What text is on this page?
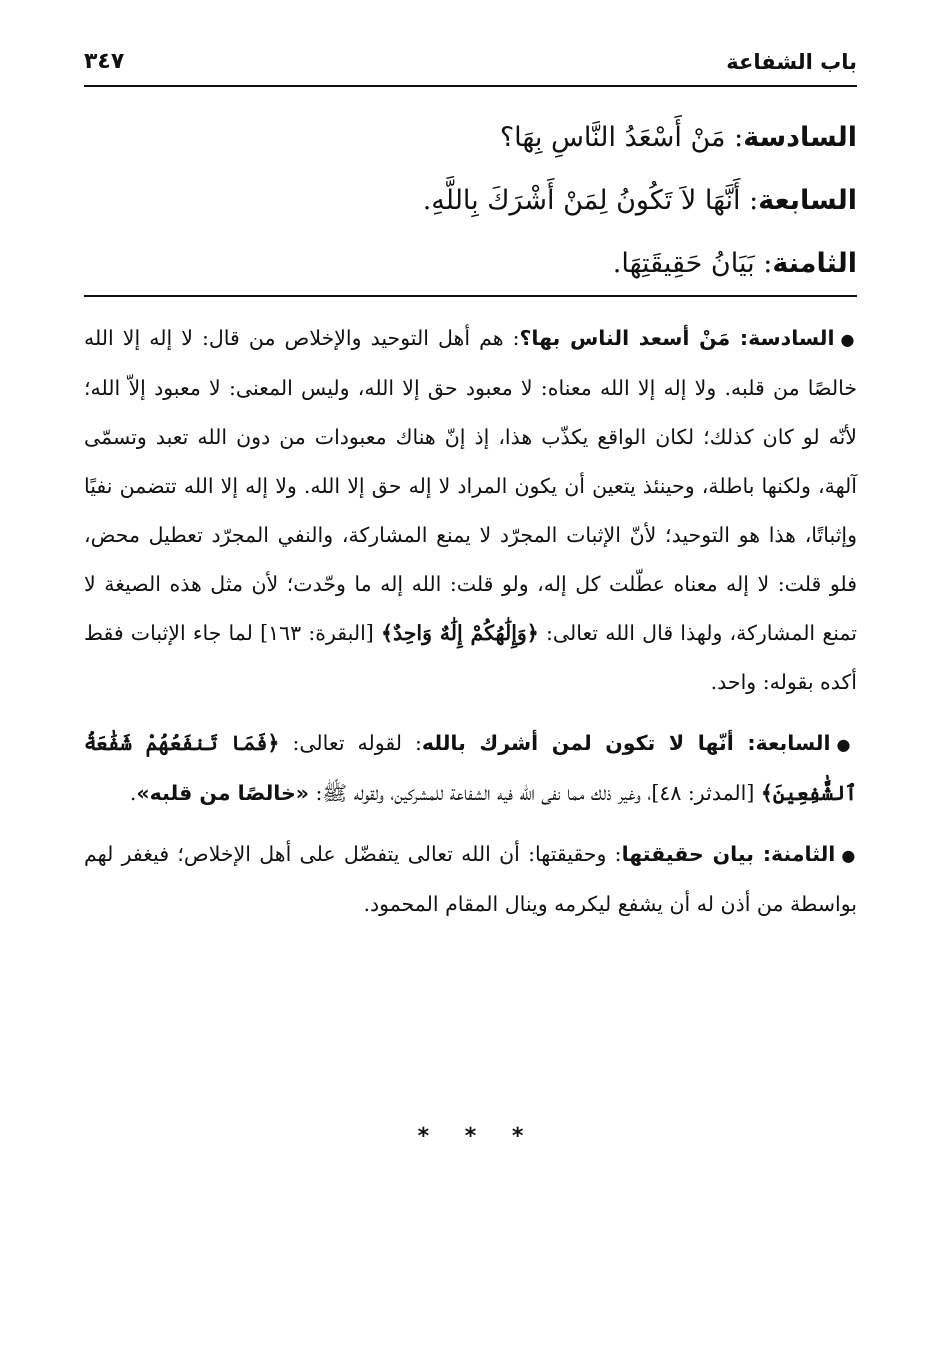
باب الشفاعة
٣٤٧
السادسة: مَنْ أَسْعَدُ النَّاسِ بِهَا؟
السابعة: أَنَّهَا لاَ تَكُونُ لِمَنْ أَشْرَكَ بِاللَّهِ.
الثامنة: بَيَانُ حَقِيقَتِهَا.

●السادسة: مَنْ أسعد الناس بها؟: هم أهل التوحيد والإخلاص من قال: لا إله إلا الله خالصًا من قلبه. ولا إله إلا الله معناه: لا معبود حق إلا الله، وليس المعنى: لا معبود إلاّ الله؛ لأنّه لو كان كذلك؛ لكان الواقع يكذّب هذا، إذ إنّ هناك معبودات من دون الله تعبد وتسمّى آلهة، ولكنها باطلة، وحينئذ يتعين أن يكون المراد لا إله حق إلا الله. ولا إله إلا الله تتضمن نفيًا وإثباتًا، هذا هو التوحيد؛ لأنّ الإثبات المجرّد لا يمنع المشاركة، والنفي المجرّد تعطيل محض، فلو قلت: لا إله معناه عطّلت كل إله، ولو قلت: الله إله ما وحّدت؛ لأن مثل هذه الصيغة لا تمنع المشاركة، ولهذا قال الله تعالى: ﴿وَإِلَٰهُكُمْ إِلَٰهٌ وَاحِدٌ﴾ [البقرة: ١٦٣] لما جاء الإثبات فقط أكده بقوله: واحد.

●السابعة: أنّها لا تكون لمن أشرك بالله: لقوله تعالى: ﴿فَمَا تَنفَعُهُمْ شَفَٰعَةُ ٱلشَّٰفِعِينَ﴾ [المدثر: ٤٨]، وغير ذلك مما نفى الله فيه الشفاعة للمشركين، ولقوله ﷺ: «خالصًا من قلبه».

●الثامنة: بيان حقيقتها: وحقيقتها: أن الله تعالى يتفضّل على أهل الإخلاص؛ فيغفر لهم بواسطة من أذن له أن يشفع ليكرمه وينال المقام المحمود.

* * *
